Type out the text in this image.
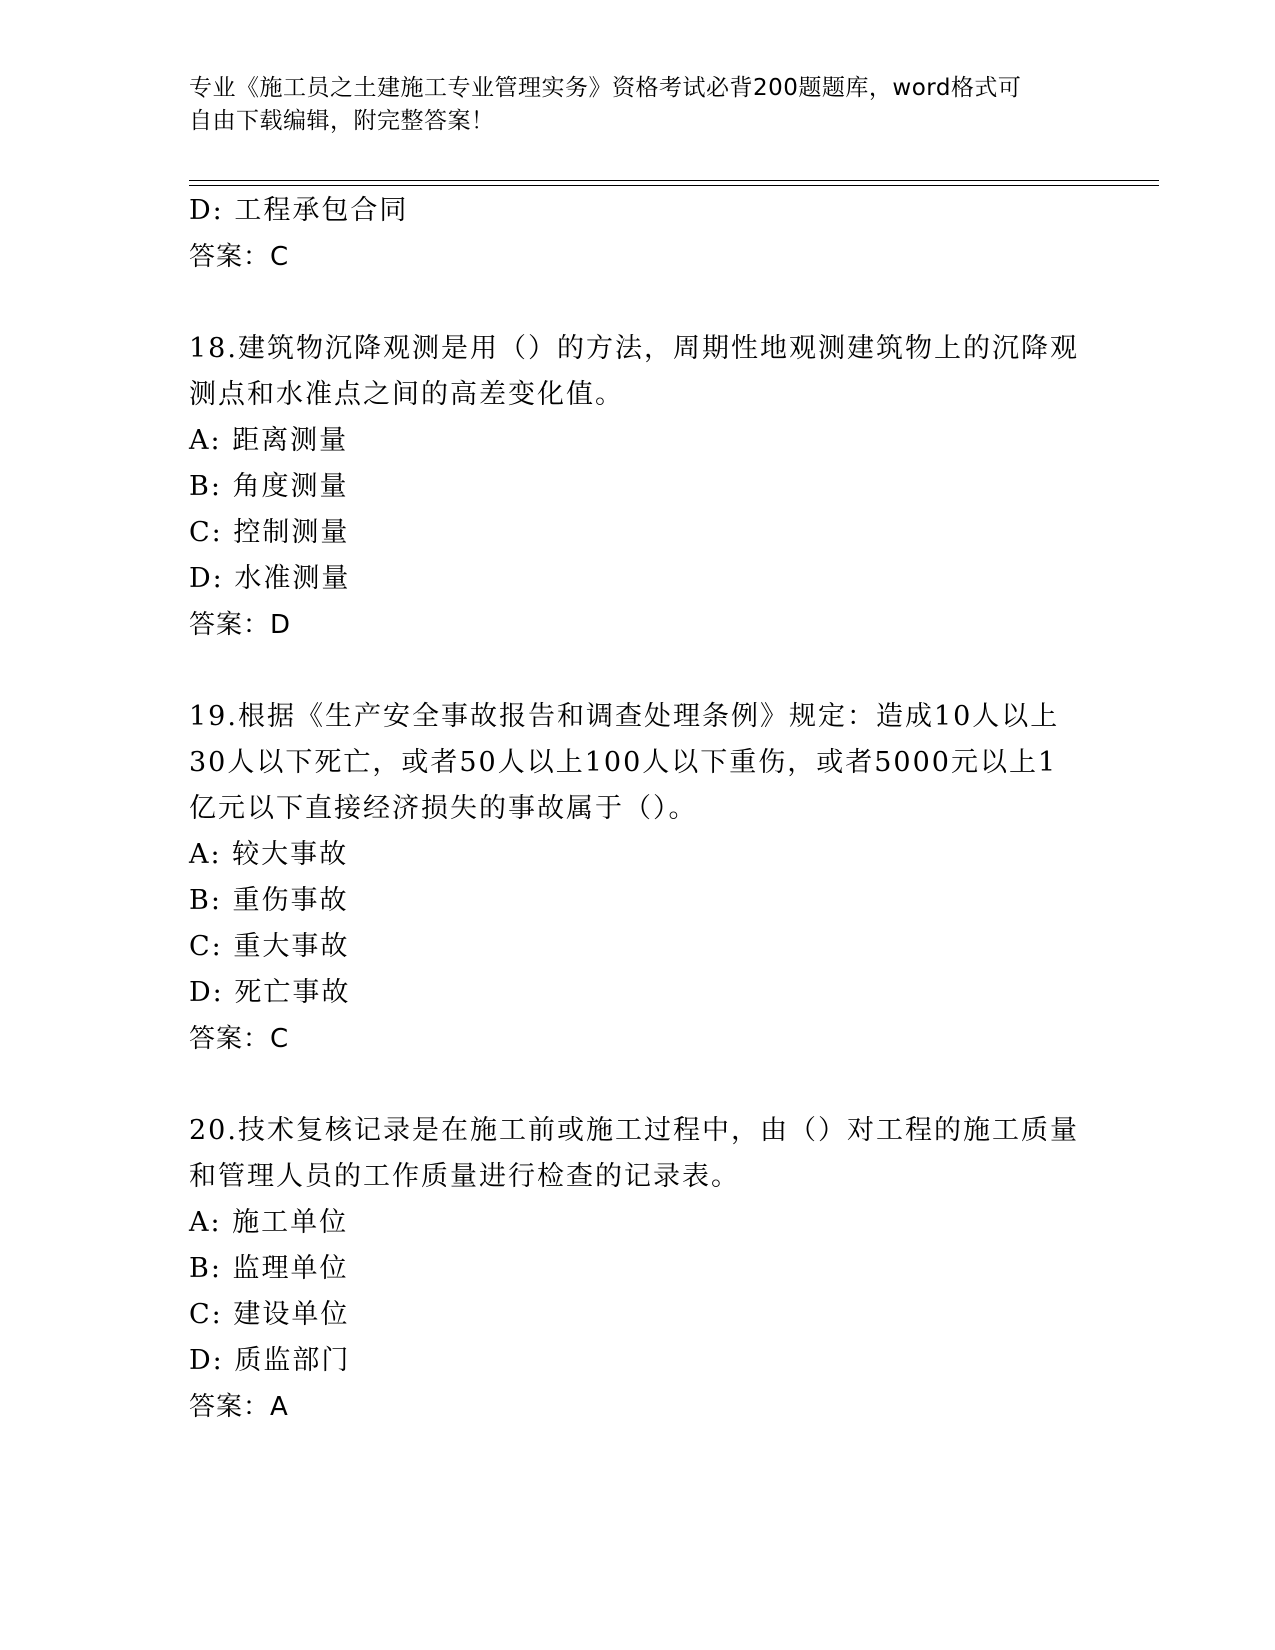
专业《施工员之土建施工专业管理实务》资格考试必背200题题库，word格式可
自由下载编辑，附完整答案！
D: 工程承包合同
答案：C
18.建筑物沉降观测是用（）的方法，周期性地观测建筑物上的沉降观
测点和水准点之间的高差变化值。
A: 距离测量
B: 角度测量
C: 控制测量
D: 水准测量
答案：D
19.根据《生产安全事故报告和调查处理条例》规定：造成10人以上
30人以下死亡，或者50人以上100人以下重伤，或者5000元以上1
亿元以下直接经济损失的事故属于（）。
A: 较大事故
B: 重伤事故
C: 重大事故
D: 死亡事故
答案：C
20.技术复核记录是在施工前或施工过程中，由（）对工程的施工质量
和管理人员的工作质量进行检查的记录表。
A: 施工单位
B: 监理单位
C: 建设单位
D: 质监部门
答案：A
